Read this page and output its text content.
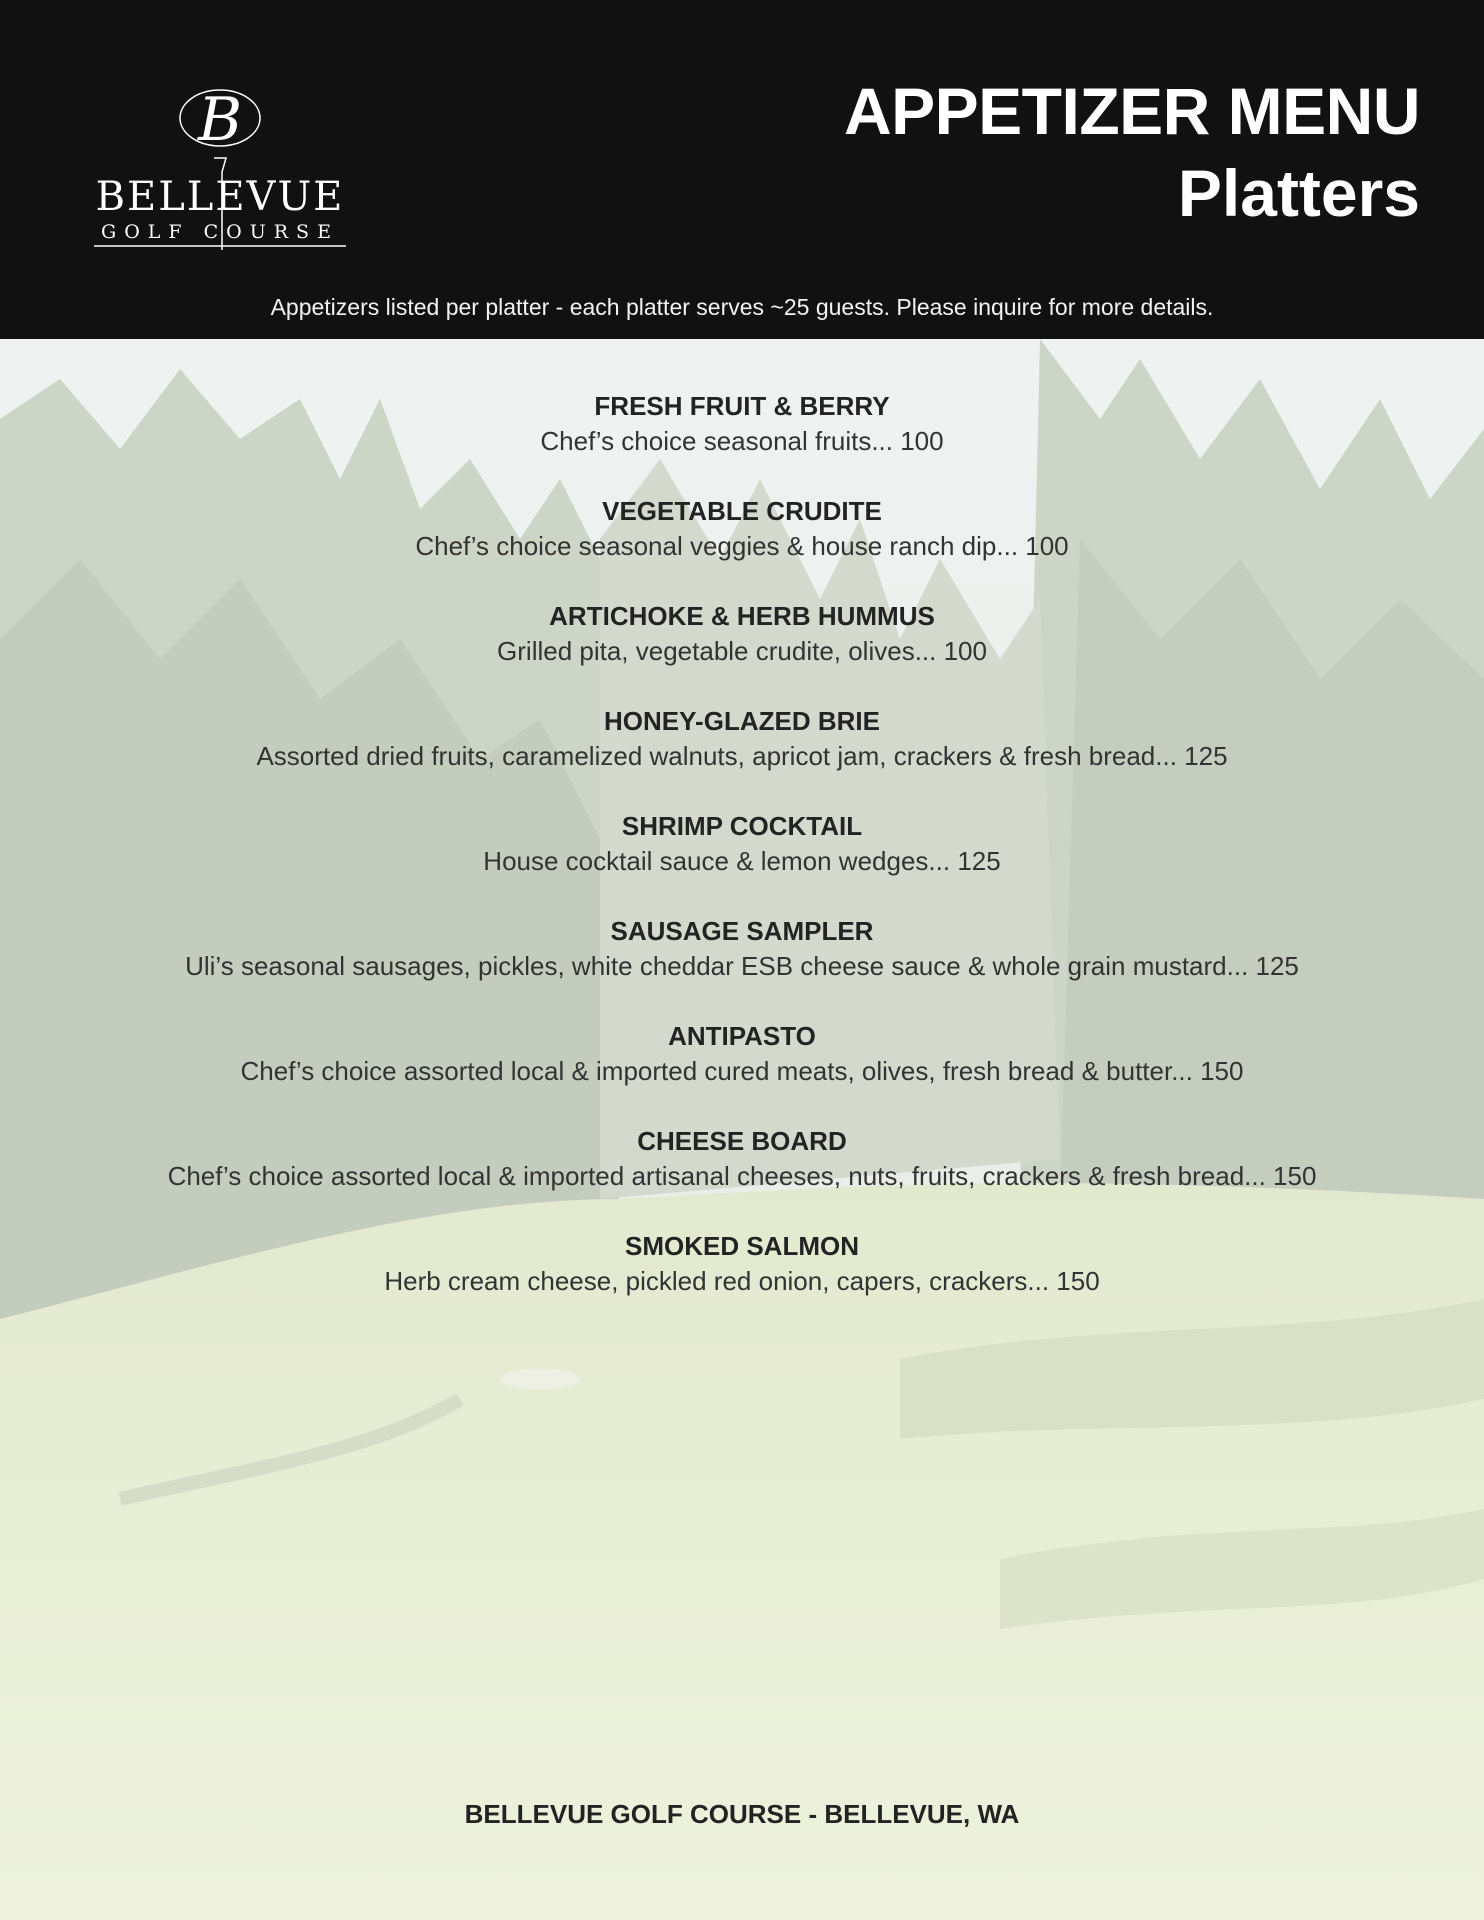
B
BELLEVUE
GOLF COURSE
APPETIZER MENU
Platters
Appetizers listed per platter - each platter serves ~25 guests. Please inquire for more details.
FRESH FRUIT & BERRY
Chef’s choice seasonal fruits... 100
VEGETABLE CRUDITE
Chef’s choice seasonal veggies & house ranch dip... 100
ARTICHOKE & HERB HUMMUS
Grilled pita, vegetable crudite, olives... 100
HONEY-GLAZED BRIE
Assorted dried fruits, caramelized walnuts, apricot jam, crackers & fresh bread... 125
SHRIMP COCKTAIL
House cocktail sauce & lemon wedges... 125
SAUSAGE SAMPLER
Uli’s seasonal sausages, pickles, white cheddar ESB cheese sauce & whole grain mustard... 125
ANTIPASTO
Chef’s choice assorted local & imported cured meats, olives, fresh bread & butter... 150
CHEESE BOARD
Chef’s choice assorted local & imported artisanal cheeses, nuts, fruits, crackers & fresh bread... 150
SMOKED SALMON
Herb cream cheese, pickled red onion, capers, crackers... 150
BELLEVUE GOLF COURSE - BELLEVUE, WA
